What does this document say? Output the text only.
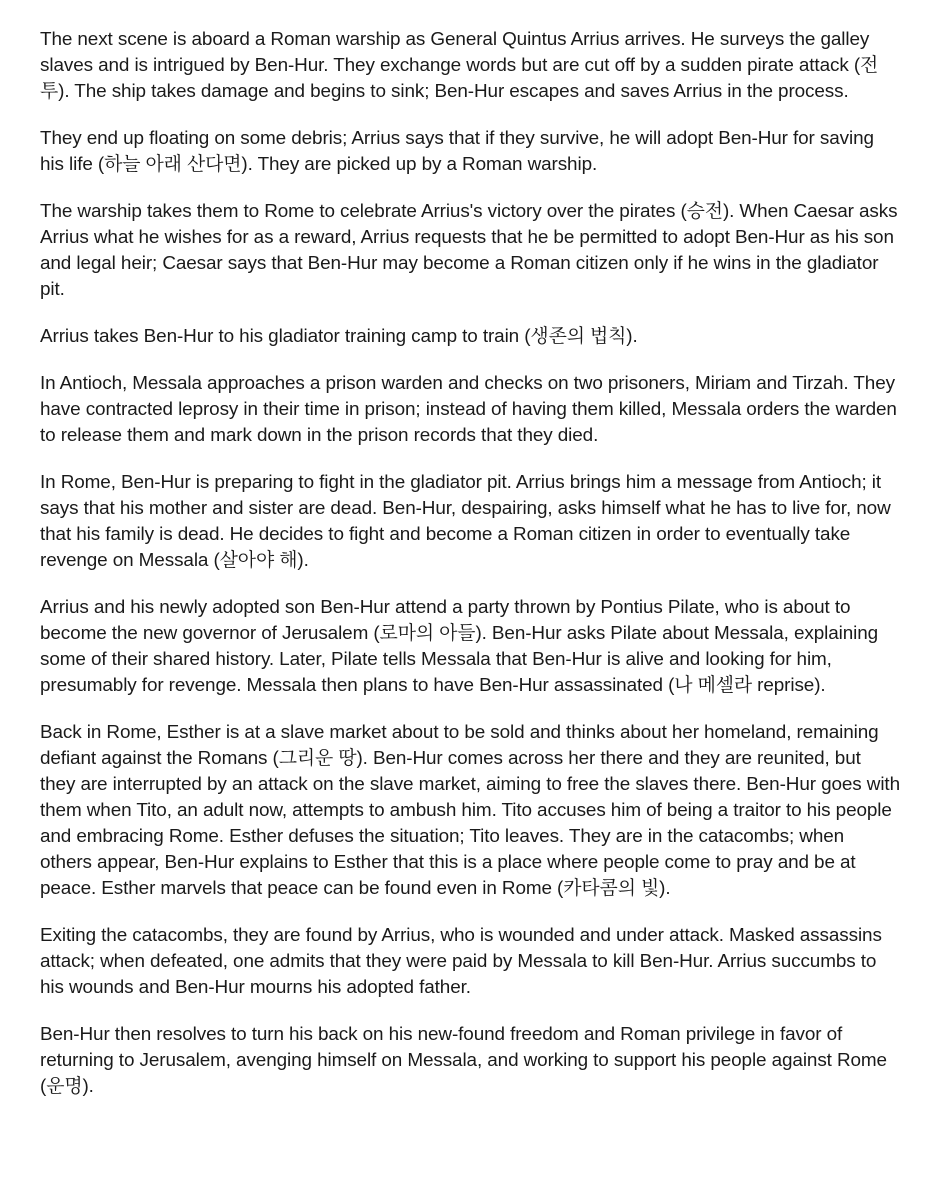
The next scene is aboard a Roman warship as General Quintus Arrius arrives. He surveys the galley slaves and is intrigued by Ben-Hur. They exchange words but are cut off by a sudden pirate attack (전투). The ship takes damage and begins to sink; Ben-Hur escapes and saves Arrius in the process.

They end up floating on some debris; Arrius says that if they survive, he will adopt Ben-Hur for saving his life (하늘 아래 산다면). They are picked up by a Roman warship.

The warship takes them to Rome to celebrate Arrius's victory over the pirates (승전). When Caesar asks Arrius what he wishes for as a reward, Arrius requests that he be permitted to adopt Ben-Hur as his son and legal heir; Caesar says that Ben-Hur may become a Roman citizen only if he wins in the gladiator pit.

Arrius takes Ben-Hur to his gladiator training camp to train (생존의 법칙).

In Antioch, Messala approaches a prison warden and checks on two prisoners, Miriam and Tirzah. They have contracted leprosy in their time in prison; instead of having them killed, Messala orders the warden to release them and mark down in the prison records that they died.

In Rome, Ben-Hur is preparing to fight in the gladiator pit. Arrius brings him a message from Antioch; it says that his mother and sister are dead. Ben-Hur, despairing, asks himself what he has to live for, now that his family is dead. He decides to fight and become a Roman citizen in order to eventually take revenge on Messala (살아야 해).

Arrius and his newly adopted son Ben-Hur attend a party thrown by Pontius Pilate, who is about to become the new governor of Jerusalem (로마의 아들). Ben-Hur asks Pilate about Messala, explaining some of their shared history. Later, Pilate tells Messala that Ben-Hur is alive and looking for him, presumably for revenge. Messala then plans to have Ben-Hur assassinated (나 메셀라 reprise).

Back in Rome, Esther is at a slave market about to be sold and thinks about her homeland, remaining defiant against the Romans (그리운 땅). Ben-Hur comes across her there and they are reunited, but they are interrupted by an attack on the slave market, aiming to free the slaves there. Ben-Hur goes with them when Tito, an adult now, attempts to ambush him. Tito accuses him of being a traitor to his people and embracing Rome. Esther defuses the situation; Tito leaves. They are in the catacombs; when others appear, Ben-Hur explains to Esther that this is a place where people come to pray and be at peace. Esther marvels that peace can be found even in Rome (카타콤의 빛).

Exiting the catacombs, they are found by Arrius, who is wounded and under attack. Masked assassins attack; when defeated, one admits that they were paid by Messala to kill Ben-Hur. Arrius succumbs to his wounds and Ben-Hur mourns his adopted father.

Ben-Hur then resolves to turn his back on his new-found freedom and Roman privilege in favor of returning to Jerusalem, avenging himself on Messala, and working to support his people against Rome (운명).
